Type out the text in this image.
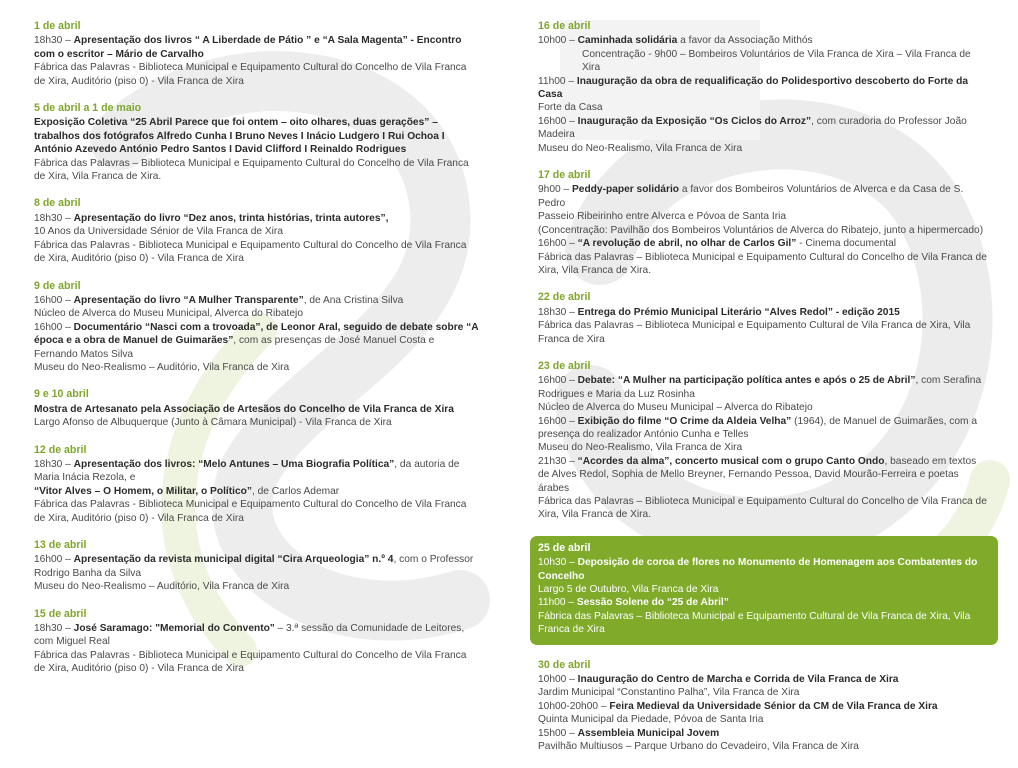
1 de abril
18h30 – Apresentação dos livros “ A Liberdade de Pátio ” e “A Sala Magenta” - Encontro com o escritor – Mário de Carvalho
Fábrica das Palavras - Biblioteca Municipal e Equipamento Cultural do Concelho de Vila Franca de Xira, Auditório (piso 0) - Vila Franca de Xira
5 de abril a 1 de maio
Exposição Coletiva “25 Abril Parece que foi ontem – oito olhares, duas gerações” – trabalhos dos fotógrafos Alfredo Cunha I Bruno Neves I Inácio Ludgero I Rui Ochoa I António Azevedo António Pedro Santos I David Clifford I Reinaldo Rodrigues
Fábrica das Palavras – Biblioteca Municipal e Equipamento Cultural do Concelho de Vila Franca de Xira, Vila Franca de Xira.
8 de abril
18h30 – Apresentação do livro “Dez anos, trinta histórias, trinta autores”,
10 Anos da Universidade Sénior de Vila Franca de Xira
Fábrica das Palavras - Biblioteca Municipal e Equipamento Cultural do Concelho de Vila Franca de Xira, Auditório (piso 0) - Vila Franca de Xira
9 de abril
16h00 – Apresentação do livro “A Mulher Transparente”, de Ana Cristina Silva
Núcleo de Alverca do Museu Municipal, Alverca do Ribatejo
16h00 – Documentário “Nasci com a trovoada”, de Leonor Aral, seguido de debate sobre “A época e a obra de Manuel de Guimarães”, com as presenças de José Manuel Costa e Fernando Matos Silva
Museu do Neo-Realismo – Auditório, Vila Franca de Xira
9 e 10 abril
Mostra de Artesanato pela Associação de Artesãos do Concelho de Vila Franca de Xira
Largo Afonso de Albuquerque (Junto à Câmara Municipal) - Vila Franca de Xira
12 de abril
18h30 – Apresentação dos livros: “Melo Antunes – Uma Biografia Política”, da autoria de Maria Inácia Rezola, e
“Vitor Alves – O Homem, o Militar, o Político”, de Carlos Ademar
Fábrica das Palavras - Biblioteca Municipal e Equipamento Cultural do Concelho de Vila Franca de Xira, Auditório (piso 0) - Vila Franca de Xira
13 de abril
16h00 – Apresentação da revista municipal digital “Cira Arqueologia” n.º 4, com o Professor Rodrigo Banha da Silva
Museu do Neo-Realismo – Auditório, Vila Franca de Xira
15 de abril
18h30 – José Saramago: "Memorial do Convento" – 3.ª sessão da Comunidade de Leitores, com Miguel Real
Fábrica das Palavras - Biblioteca Municipal e Equipamento Cultural do Concelho de Vila Franca de Xira, Auditório (piso 0) - Vila Franca de Xira
16 de abril
10h00 – Caminhada solidária a favor da Associação Mithós
Concentração - 9h00 – Bombeiros Voluntários de Vila Franca de Xira – Vila Franca de Xira
11h00 – Inauguração da obra de requalificação do Polidesportivo descoberto do Forte da Casa
Forte da Casa
16h00 – Inauguração da Exposição “Os Ciclos do Arroz”, com curadoria do Professor João Madeira
Museu do Neo-Realismo, Vila Franca de Xira
17 de abril
9h00 – Peddy-paper solidário a favor dos Bombeiros Voluntários de Alverca e da Casa de S. Pedro
Passeio Ribeirinho entre Alverca e Póvoa de Santa Iria
(Concentração: Pavilhão dos Bombeiros Voluntários de Alverca do Ribatejo, junto a hipermercado)
16h00 – “A revolução de abril, no olhar de Carlos Gil” - Cinema documental
Fábrica das Palavras – Biblioteca Municipal e Equipamento Cultural do Concelho de Vila Franca de Xira, Vila Franca de Xira.
22 de abril
18h30 – Entrega do Prémio Municipal Literário “Alves Redol” - edição 2015
Fábrica das Palavras – Biblioteca Municipal e Equipamento Cultural de Vila Franca de Xira, Vila Franca de Xira
23 de abril
16h00 – Debate: “A Mulher na participação política antes e após o 25 de Abril”, com Serafina Rodrigues e Maria da Luz Rosinha
Núcleo de Alverca do Museu Municipal – Alverca do Ribatejo
16h00 – Exibição do filme “O Crime da Aldeia Velha” (1964), de Manuel de Guimarães, com a presença do realizador António Cunha e Telles
Museu do Neo-Realismo, Vila Franca de Xira
21h30 – “Acordes da alma”, concerto musical com o grupo Canto Ondo, baseado em textos de Alves Redol, Sophia de Mello Breyner, Fernando Pessoa, David Mourão-Ferreira e poetas árabes
Fábrica das Palavras – Biblioteca Municipal e Equipamento Cultural do Concelho de Vila Franca de Xira, Vila Franca de Xira.
25 de abril
10h30 – Deposição de coroa de flores no Monumento de Homenagem aos Combatentes do Concelho
Largo 5 de Outubro, Vila Franca de Xira
11h00 – Sessão Solene do “25 de Abril”
Fábrica das Palavras – Biblioteca Municipal e Equipamento Cultural de Vila Franca de Xira, Vila Franca de Xira
30 de abril
10h00 – Inauguração do Centro de Marcha e Corrida de Vila Franca de Xira
Jardim Municipal “Constantino Palha”, Vila Franca de Xira
10h00-20h00 – Feira Medieval da Universidade Sénior da CM de Vila Franca de Xira
Quinta Municipal da Piedade, Póvoa de Santa Iria
15h00 – Assembleia Municipal Jovem
Pavilhão Multiusos – Parque Urbano do Cevadeiro, Vila Franca de Xira
